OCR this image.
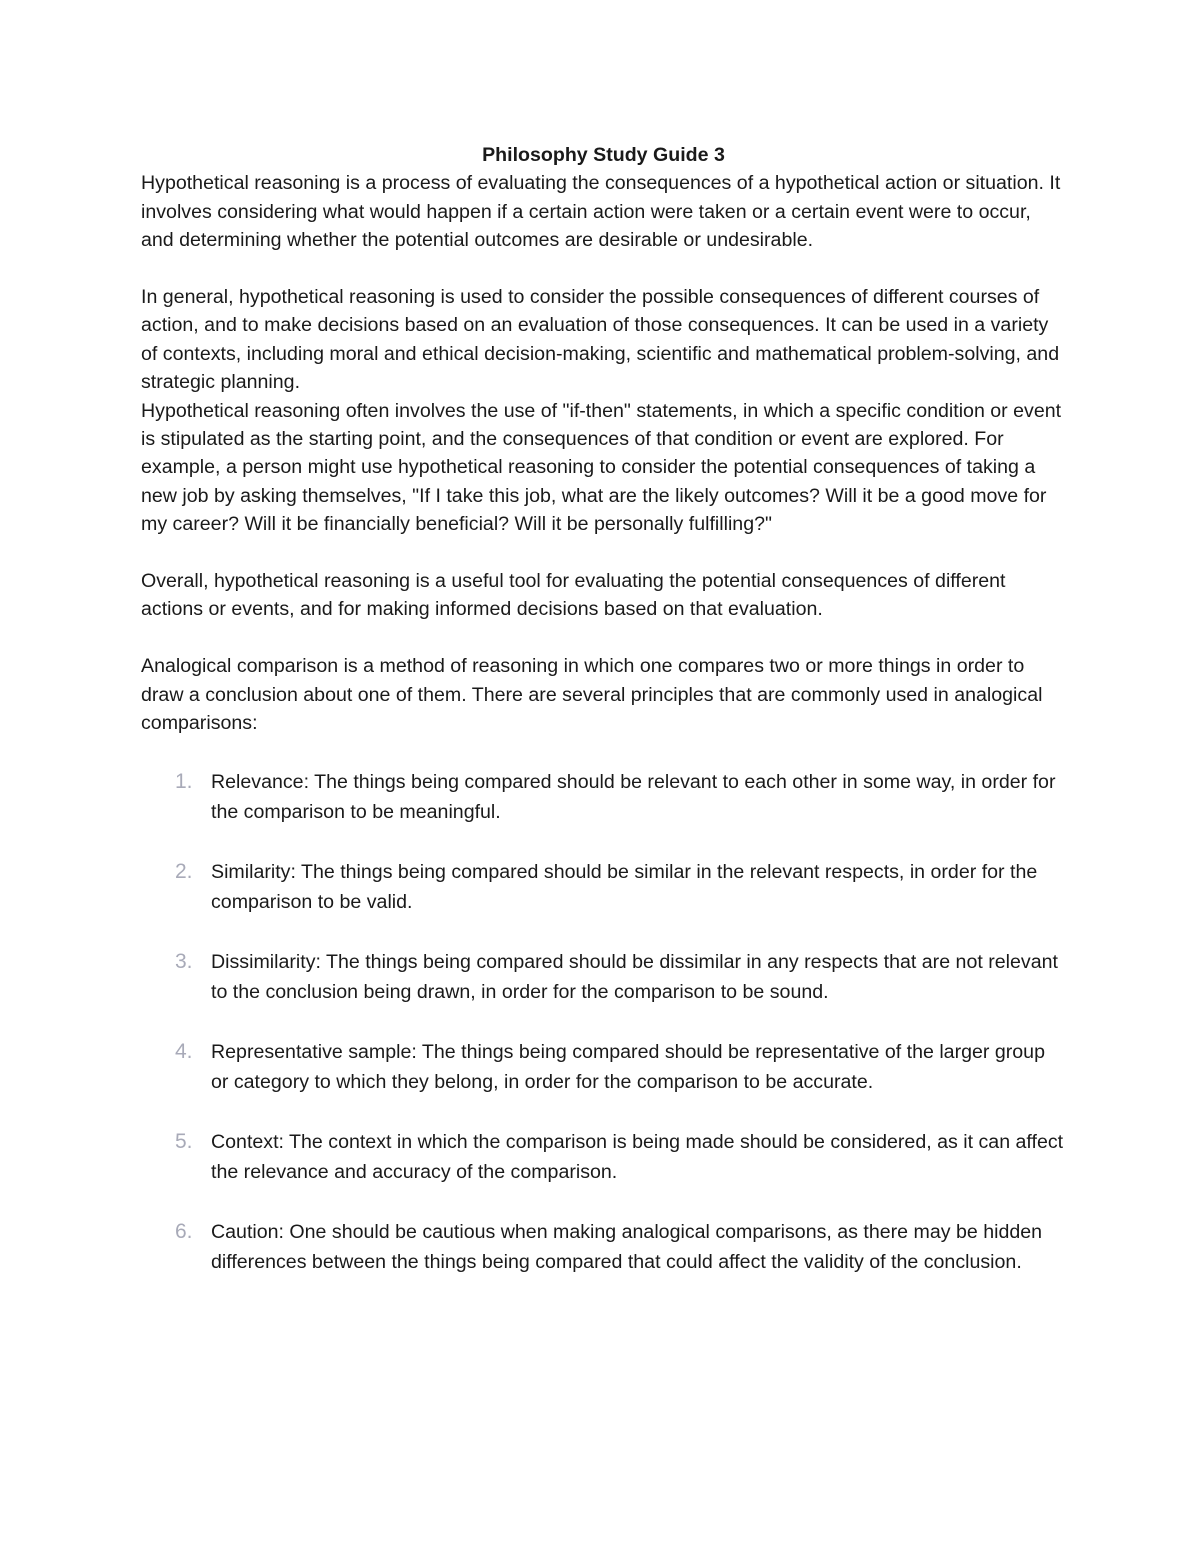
Philosophy Study Guide 3

Hypothetical reasoning is a process of evaluating the consequences of a hypothetical action or situation. It involves considering what would happen if a certain action were taken or a certain event were to occur, and determining whether the potential outcomes are desirable or undesirable.

In general, hypothetical reasoning is used to consider the possible consequences of different courses of action, and to make decisions based on an evaluation of those consequences. It can be used in a variety of contexts, including moral and ethical decision-making, scientific and mathematical problem-solving, and strategic planning.

Hypothetical reasoning often involves the use of "if-then" statements, in which a specific condition or event is stipulated as the starting point, and the consequences of that condition or event are explored. For example, a person might use hypothetical reasoning to consider the potential consequences of taking a new job by asking themselves, "If I take this job, what are the likely outcomes? Will it be a good move for my career? Will it be financially beneficial? Will it be personally fulfilling?"

Overall, hypothetical reasoning is a useful tool for evaluating the potential consequences of different actions or events, and for making informed decisions based on that evaluation.

Analogical comparison is a method of reasoning in which one compares two or more things in order to draw a conclusion about one of them. There are several principles that are commonly used in analogical comparisons:

1. Relevance: The things being compared should be relevant to each other in some way, in order for the comparison to be meaningful.
2. Similarity: The things being compared should be similar in the relevant respects, in order for the comparison to be valid.
3. Dissimilarity: The things being compared should be dissimilar in any respects that are not relevant to the conclusion being drawn, in order for the comparison to be sound.
4. Representative sample: The things being compared should be representative of the larger group or category to which they belong, in order for the comparison to be accurate.
5. Context: The context in which the comparison is being made should be considered, as it can affect the relevance and accuracy of the comparison.
6. Caution: One should be cautious when making analogical comparisons, as there may be hidden differences between the things being compared that could affect the validity of the conclusion.
